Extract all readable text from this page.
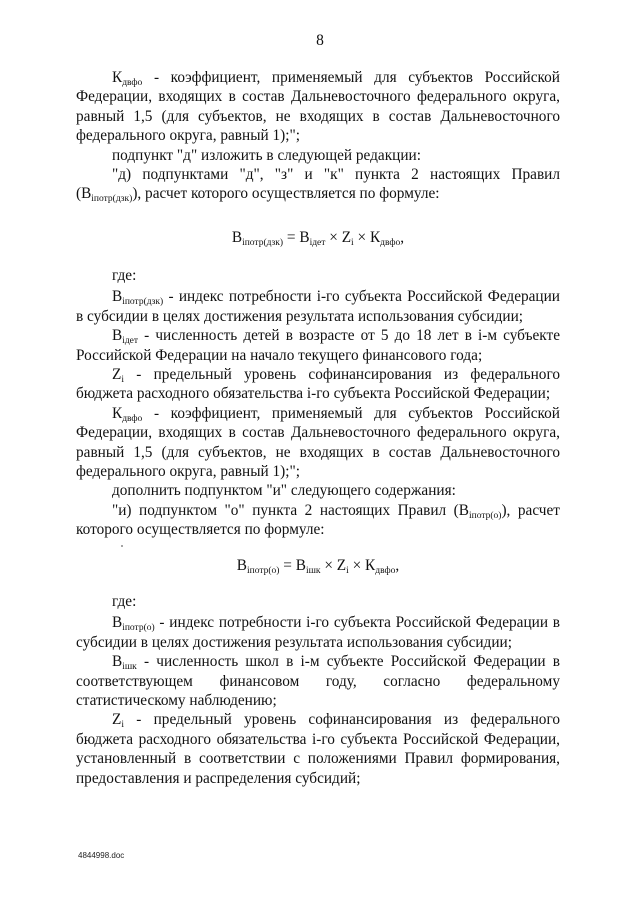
8

$К_{двфо}$ - коэффициент, применяемый для субъектов Российской Федерации, входящих в состав Дальневосточного федерального округа, равный 1,5 (для субъектов, не входящих в состав Дальневосточного федерального округа, равный 1);";

подпункт "д" изложить в следующей редакции:

"д) подпунктами "д", "з" и "к" пункта 2 настоящих Правил $(В_{iпотр(дзк)})$, расчет которого осуществляется по формуле:

$В_{iпотр(дзк)} = В_{iдет} \times Z_i \times К_{двфо}$,

где:

$В_{iпотр(дзк)}$ - индекс потребности i-го субъекта Российской Федерации в субсидии в целях достижения результата использования субсидии;

$В_{iдет}$ - численность детей в возрасте от 5 до 18 лет в i-м субъекте Российской Федерации на начало текущего финансового года;

$Z_i$ - предельный уровень софинансирования из федерального бюджета расходного обязательства i-го субъекта Российской Федерации;

$К_{двфо}$ - коэффициент, применяемый для субъектов Российской Федерации, входящих в состав Дальневосточного федерального округа, равный 1,5 (для субъектов, не входящих в состав Дальневосточного федерального округа, равный 1);";

дополнить подпунктом "и" следующего содержания:

"и) подпунктом "о" пункта 2 настоящих Правил $(В_{iпотр(о)})$, расчет которого осуществляется по формуле:

$В_{iпотр(о)} = В_{iшк} \times Z_i \times К_{двфо}$,

где:

$В_{iпотр(о)}$ - индекс потребности i-го субъекта Российской Федерации в субсидии в целях достижения результата использования субсидии;

$В_{iшк}$ - численность школ в i-м субъекте Российской Федерации в соответствующем финансовом году, согласно федеральному статистическому наблюдению;

$Z_i$ - предельный уровень софинансирования из федерального бюджета расходного обязательства i-го субъекта Российской Федерации, установленный в соответствии с положениями Правил формирования, предоставления и распределения субсидий;

4844998.doc
